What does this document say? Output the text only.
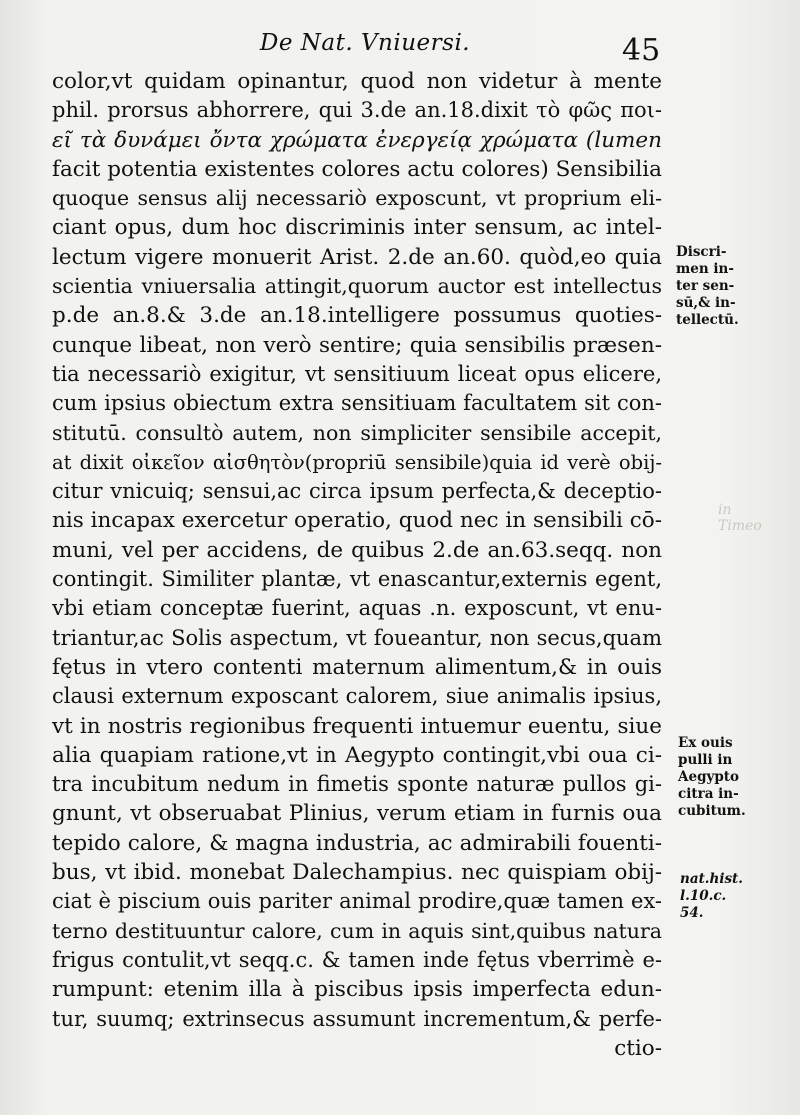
De Nat. Vniuersi.	45
color,vt quidam opinantur, quod non videtur à mente
phil. prorsus abhorrere, qui 3.de an.18.dixit τὸ φῶς ποι-
εῖ τὰ δυνάμει ὄντα χρώματα ἐνεργείᾳ χρώματα (lumen
facit potentia existentes colores actu colores) Sensibilia
quoque sensus alij necessariò exposcunt, vt proprium eli-
ciant opus, dum hoc discriminis inter sensum, ac intel-
lectum vigere monuerit Arist. 2.de an.60. quòd,eo quia
scientia vniuersalia attingit,quorum auctor est intellectus
p.de an.8.& 3.de an.18.intelligere possumus quoties-
cunque libeat, non verò sentire; quia sensibilis præsen-
tia necessariò exigitur, vt sensitiuum liceat opus elicere,
cum ipsius obiectum extra sensitiuam facultatem sit con-
stitutū. consultò autem, non simpliciter sensibile accepit,
at dixit οἰκεῖον αἰσθητὸν(propriū sensibile)quia id verè obij-
citur vnicuiq; sensui,ac circa ipsum perfecta,& deceptio-
nis incapax exercetur operatio, quod nec in sensibili cō-
muni, vel per accidens, de quibus 2.de an.63.seqq. non
contingit. Similiter plantæ, vt enascantur,externis egent,
vbi etiam conceptæ fuerint, aquas .n. exposcunt, vt enu-
triantur,ac Solis aspectum, vt foueantur, non secus,quam
fętus in vtero contenti maternum alimentum,& in ouis
clausi externum exposcant calorem, siue animalis ipsius,
vt in nostris regionibus frequenti intuemur euentu, siue
alia quapiam ratione,vt in Aegypto contingit,vbi oua ci-
tra incubitum nedum in fimetis sponte naturæ pullos gi-
gnunt, vt obseruabat Plinius, verum etiam in furnis oua
tepido calore, & magna industria, ac admirabili fouenti-
bus, vt ibid. monebat Dalechampius. nec quispiam obij-
ciat è piscium ouis pariter animal prodire,quæ tamen ex-
terno destituuntur calore, cum in aquis sint,quibus natura
frigus contulit,vt seqq.c. & tamen inde fętus vberrimè e-
rumpunt: etenim illa à piscibus ipsis imperfecta edun-
tur, suumq; extrinsecus assumunt incrementum,& perfe-
ctio-
Discri-
men in-
ter sen-
sū,& in-
tellectū.
Ex ouis
pulli in
Aegypto
citra in-
cubitum.
nat.hist.
l.10.c.
54.
in Timeo
